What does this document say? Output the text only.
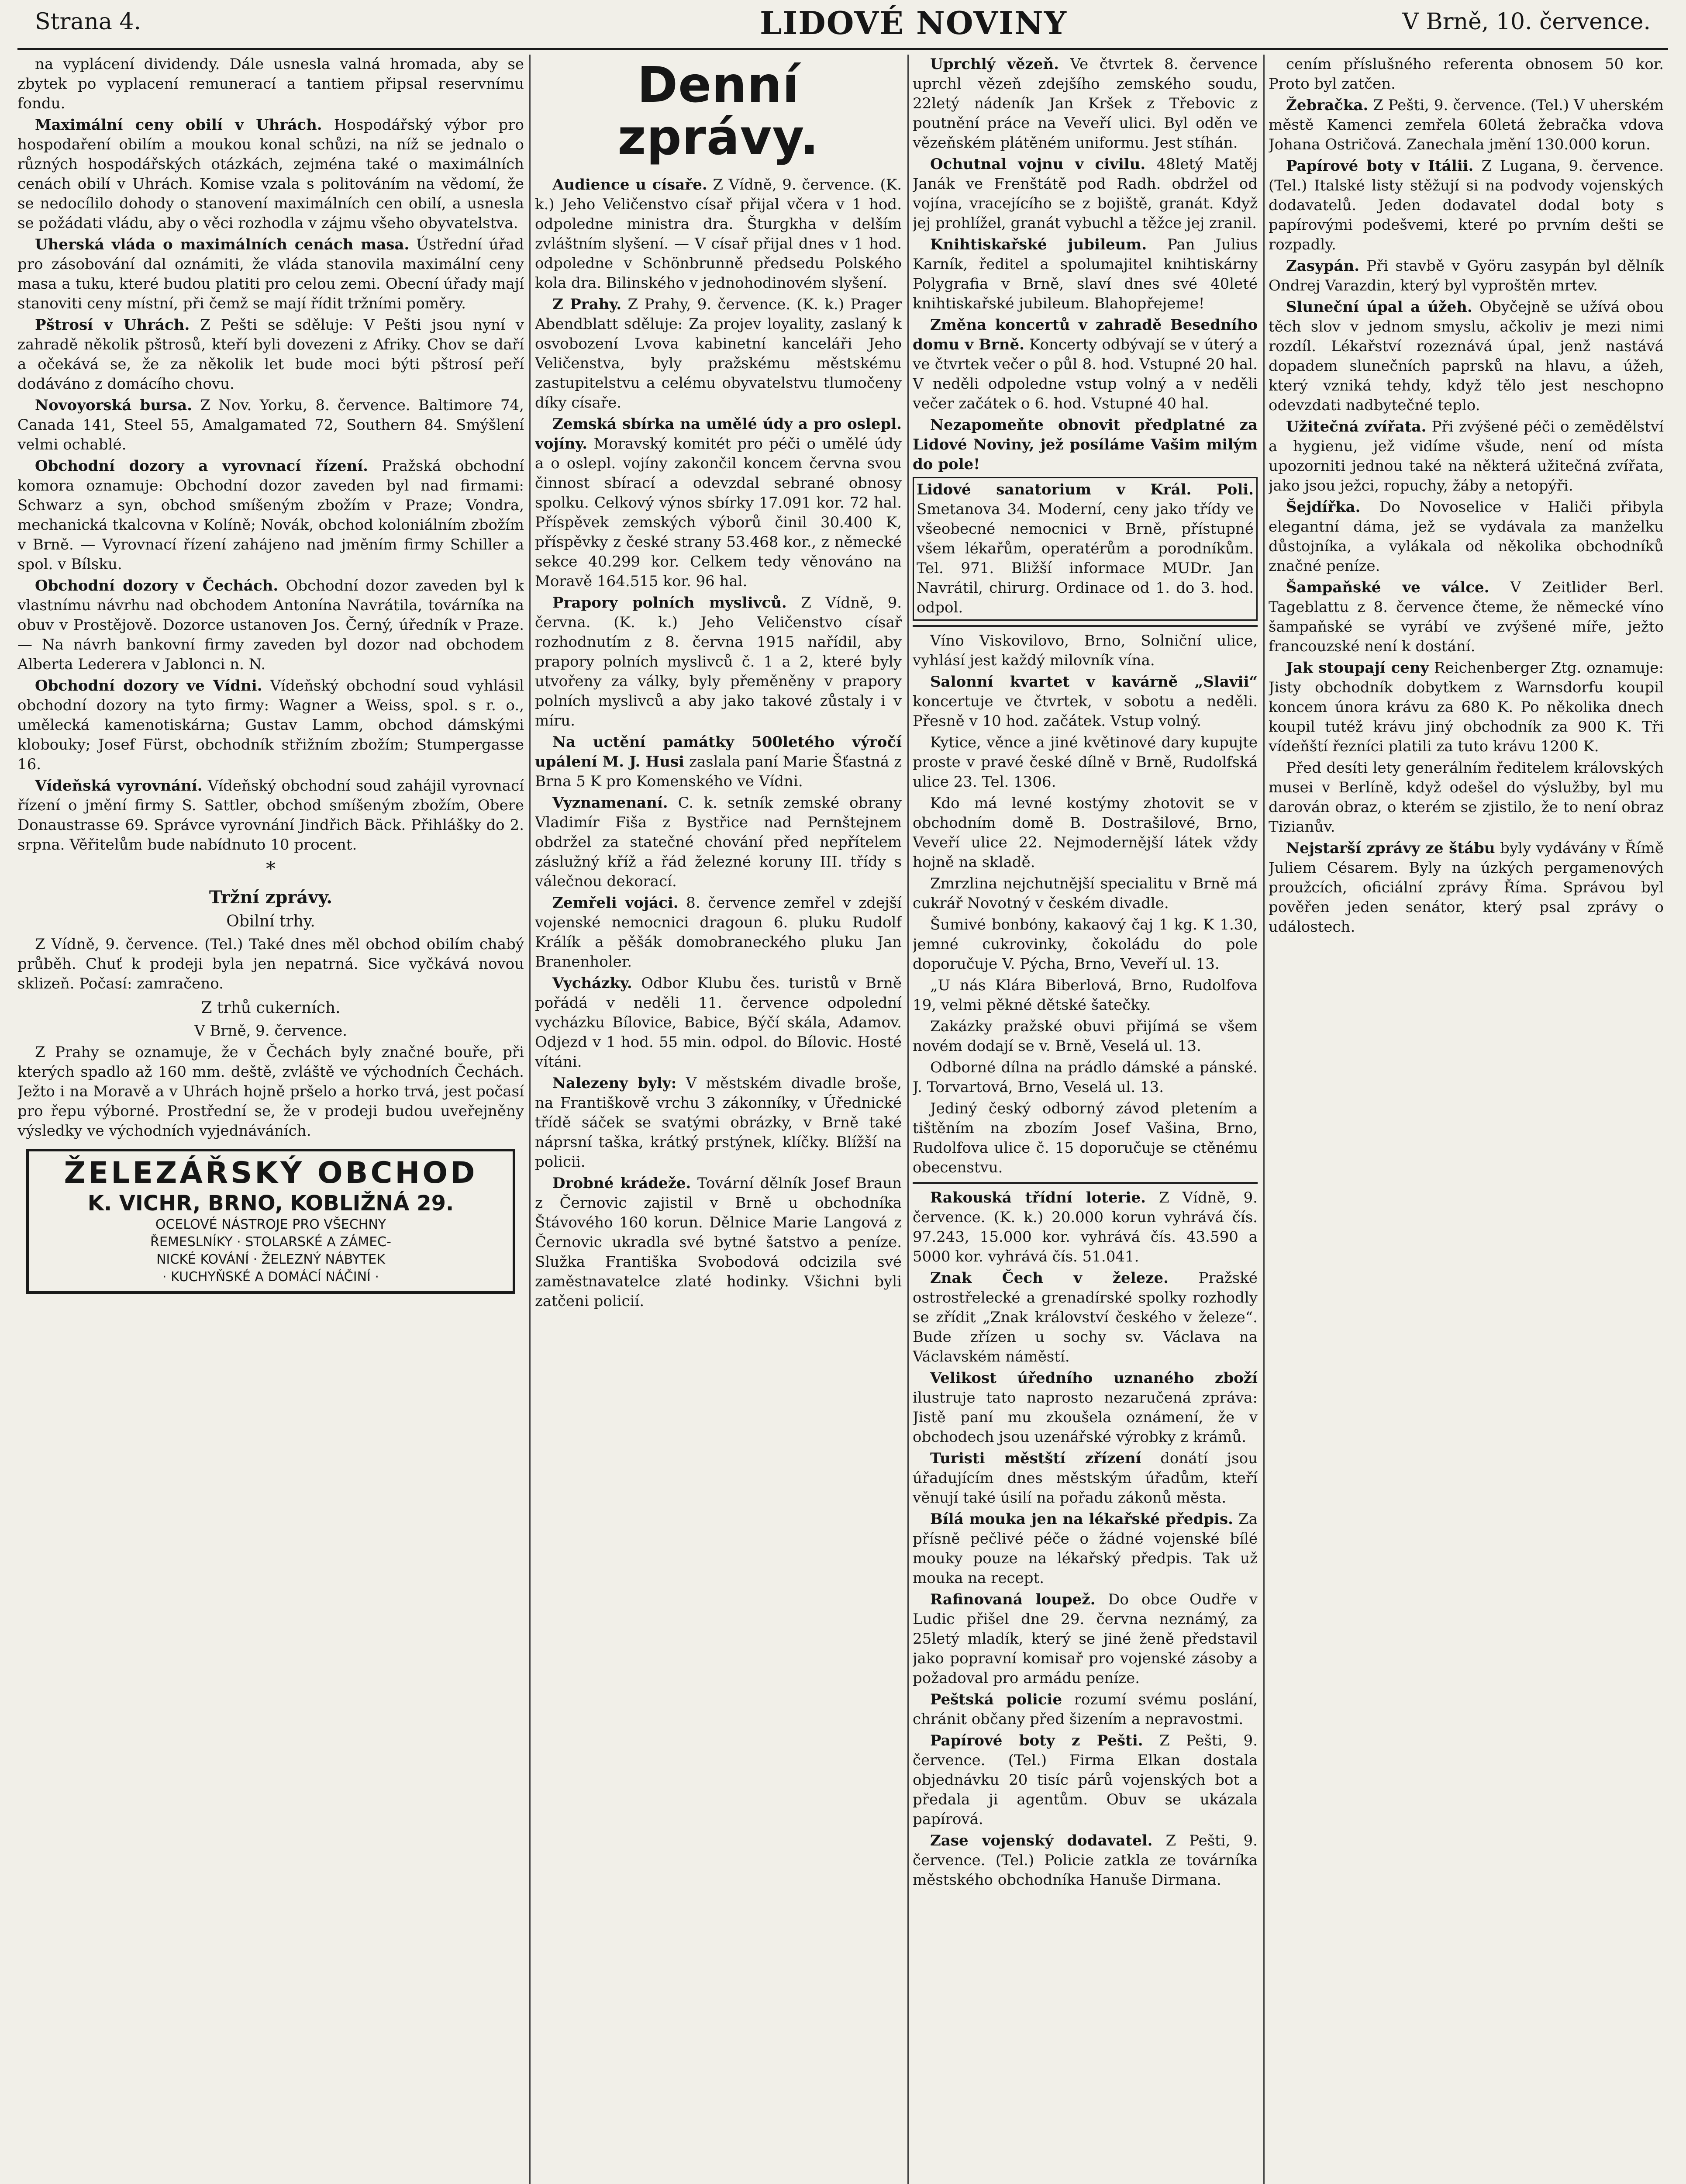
Strana 4.	LIDOVÉ NOVINY	V Brně, 10. července.

na vyplácení dividendy. Dále usnesla valná hromada, aby se zbytek po vyplacení remunerací a tantiem připsal reservnímu fondu.

Maximální ceny obilí v Uhrách. Hospodářský výbor pro hospodaření obilím a moukou konal schůzi, na níž se jednalo o různých hospodářských otázkách, zejména také o maximálních cenách obilí v Uhrách. Komise vzala s politováním na vědomí, že se nedocílilo dohody o stanovení maximálních cen obilí, a usnesla se požádati vládu, aby o věci rozhodla v zájmu všeho obyvatelstva.

Uherská vláda o maximálních cenách masa. Ústřední úřad pro zásobování dal oznámiti, že vláda stanovila maximální ceny masa a tuku, které budou platiti pro celou zemi. Obecní úřady mají stanoviti ceny místní, při čemž se mají řídit tržními poměry.

Pštrosí v Uhrách. Z Pešti se sděluje: V Pešti jsou nyní v zahradě několik pštrosů, kteří byli dovezeni z Afriky. Chov se daří a očekává se, že za několik let bude moci býti pštrosí peří dodáváno z domácího chovu.

Novoyorská bursa. Z Nov. Yorku, 8. července. Baltimore 74, Canada 141, Steel 55, Amalgamated 72, Southern 84. Smýšlení velmi ochablé.

Obchodní dozory a vyrovnací řízení. Pražská obchodní komora oznamuje: Obchodní dozor zaveden byl nad firmami: Schwarz a syn, obchod smíšeným zbožím v Praze; Vondra, mechanická tkalcovna v Kolíně; Novák, obchod koloniálním zbožím v Brně. — Vyrovnací řízení zahájeno nad jměním firmy Schiller a spol. v Bílsku.

Obchodní dozory v Čechách. Obchodní dozor zaveden byl k vlastnímu návrhu nad obchodem Antonína Navrátila, továrníka na obuv v Prostějově. Dozorce ustanoven Jos. Černý, úředník v Praze. — Na návrh bankovní firmy zaveden byl dozor nad obchodem Alberta Lederera v Jablonci n. N.

Obchodní dozory ve Vídni. Vídeňský obchodní soud vyhlásil obchodní dozory na tyto firmy: Wagner a Weiss, spol. s r. o., umělecká kamenotiskárna; Gustav Lamm, obchod dámskými klobouky; Josef Fürst, obchodník střižním zbožím; Stumpergasse 16.

Vídeňská vyrovnání. Vídeňský obchodní soud zahájil vyrovnací řízení o jmění firmy S. Sattler, obchod smíšeným zbožím, Obere Donaustrasse 69. Správce vyrovnání Jindřich Bäck. Přihlášky do 2. srpna. Věřitelům bude nabídnuto 10 procent.

*
Tržní zprávy.
Obilní trhy.

Z Vídně, 9. července. (Tel.) Také dnes měl obchod obilím chabý průběh. Chuť k prodeji byla jen nepatrná. Sice vyčkává novou sklizeň. Počasí: zamračeno.

Z trhů cukerních.

V Brně, 9. července.

Z Prahy se oznamuje, že v Čechách byly značné bouře, při kterých spadlo až 160 mm. deště, zvláště ve východních Čechách. Ježto i na Moravě a v Uhrách hojně pršelo a horko trvá, jest počasí pro řepu výborné. Prostřední se, že v prodeji budou uveřejněny výsledky ve východních vyjednáváních.

ŽELEZÁŘSKÝ OBCHOD
K. VICHR, BRNO, KOBLIŽNÁ 29.
OCELOVÉ NÁSTROJE PRO VŠECHNY
ŘEMESLNÍKY · STOLARSKÉ A ZÁMEC-
NICKÉ KOVÁNÍ · ŽELEZNÝ NÁBYTEK
· KUCHYŇSKÉ A DOMÁCÍ NÁČINÍ ·
Denní zprávy.

Audience u císaře. Z Vídně, 9. července. (K. k.) Jeho Veličenstvo císař přijal včera v 1 hod. odpoledne ministra dra. Šturgkha v delším zvláštním slyšení. — V císař přijal dnes v 1 hod. odpoledne v Schönbrunně předsedu Polského kola dra. Bilinského v jednohodinovém slyšení.

Z Prahy. Z Prahy, 9. července. (K. k.) Prager Abendblatt sděluje: Za projev loyality, zaslaný k osvobození Lvova kabinetní kanceláři Jeho Veličenstva, byly pražskému městskému zastupitelstvu a celému obyvatelstvu tlumočeny díky císaře.

Zemská sbírka na umělé údy a pro oslepl. vojíny. Moravský komitét pro péči o umělé údy a o oslepl. vojíny zakončil koncem června svou činnost sbírací a odevzdal sebrané obnosy spolku. Celkový výnos sbírky 17.091 kor. 72 hal. Příspěvek zemských výborů činil 30.400 K, příspěvky z české strany 53.468 kor., z německé sekce 40.299 kor. Celkem tedy věnováno na Moravě 164.515 kor. 96 hal.

Prapory polních myslivců. Z Vídně, 9. června. (K. k.) Jeho Veličenstvo císař rozhodnutím z 8. června 1915 nařídil, aby prapory polních myslivců č. 1 a 2, které byly utvořeny za války, byly přeměněny v prapory polních myslivců a aby jako takové zůstaly i v míru.

Na uctění památky 500letého výročí upálení M. J. Husi zaslala paní Marie Šťastná z Brna 5 K pro Komenského ve Vídni.

Vyznamenaní. C. k. setník zemské obrany Vladimír Fiša z Bystřice nad Pernštejnem obdržel za statečné chování před nepřítelem záslužný kříž a řád železné koruny III. třídy s válečnou dekorací.

Zemřeli vojáci. 8. července zemřel v zdejší vojenské nemocnici dragoun 6. pluku Rudolf Králík a pěšák domobraneckého pluku Jan Branenholer.

Vycházky. Odbor Klubu čes. turistů v Brně pořádá v neděli 11. července odpolední vycházku Bílovice, Babice, Býčí skála, Adamov. Odjezd v 1 hod. 55 min. odpol. do Bílovic. Hosté vítáni.

Nalezeny byly: V městském divadle broše, na Františkově vrchu 3 zákonníky, v Úřednické třídě sáček se svatými obrázky, v Brně také náprsní taška, krátký prstýnek, klíčky. Blížší na policii.

Drobné krádeže. Tovární dělník Josef Braun z Černovic zajistil v Brně u obchodníka Štávového 160 korun. Dělnice Marie Langová z Černovic ukradla své bytné šatstvo a peníze. Služka Františka Svobodová odcizila své zaměstnavatelce zlaté hodinky. Všichni byli zatčeni policií.

Uprchlý vězeň. Ve čtvrtek 8. července uprchl vězeň zdejšího zemského soudu, 22letý nádeník Jan Kršek z Třebovic z poutnění práce na Veveří ulici. Byl oděn ve vězeňském plátěném uniformu. Jest stíhán.

Ochutnal vojnu v civilu. 48letý Matěj Janák ve Frenštátě pod Radh. obdržel od vojína, vracejícího se z bojiště, granát. Když jej prohlížel, granát vybuchl a těžce jej zranil.

Knihtiskařské jubileum. Pan Julius Karník, ředitel a spolumajitel knihtiskárny Polygrafia v Brně, slaví dnes své 40leté knihtiskařské jubileum. Blahopřejeme!

Změna koncertů v zahradě Besedního domu v Brně. Koncerty odbývají se v úterý a ve čtvrtek večer o půl 8. hod. Vstupné 20 hal. V neděli odpoledne vstup volný a v neděli večer začátek o 6. hod. Vstupné 40 hal.

Nezapomeňte obnovit předplatné za Lidové Noviny, jež posíláme Vašim milým do pole!

Lidové sanatorium v Král. Poli. Smetanova 34. Moderní, ceny jako třídy ve všeobecné nemocnici v Brně, přístupné všem lékařům, operatérům a porodníkům. Tel. 971. Bližší informace MUDr. Jan Navrátil, chirurg. Ordinace od 1. do 3. hod. odpol.

Víno Viskovilovo, Brno, Solniční ulice, vyhlásí jest každý milovník vína.

Salonní kvartet v kavárně „Slavii“ koncertuje ve čtvrtek, v sobotu a neděli. Přesně v 10 hod. začátek. Vstup volný.

Kytice, věnce a jiné květinové dary kupujte proste v pravé české dílně v Brně, Rudolfská ulice 23. Tel. 1306.

Kdo má levné kostýmy zhotovit se v obchodním domě B. Dostrašilové, Brno, Veveří ulice 22. Nejmodernější látek vždy hojně na skladě.

Zmrzlina nejchutnější specialitu v Brně má cukrář Novotný v českém divadle.

Šumivé bonbóny, kakaový čaj 1 kg. K 1.30, jemné cukrovinky, čokoládu do pole doporučuje V. Pýcha, Brno, Veveří ul. 13.

„U nás Klára Biberlová, Brno, Rudolfova 19, velmi pěkné dětské šatečky.

Zakázky pražské obuvi přijímá se všem novém dodají se v. Brně, Veselá ul. 13.

Odborné dílna na prádlo dámské a pánské. J. Torvartová, Brno, Veselá ul. 13.

Jediný český odborný závod pletením a tištěním na zbozím Josef Vašina, Brno, Rudolfova ulice č. 15 doporučuje se ctěnému obecenstvu.

Rakouská třídní loterie. Z Vídně, 9. července. (K. k.) 20.000 korun vyhrává čís. 97.243, 15.000 kor. vyhrává čís. 43.590 a 5000 kor. vyhrává čís. 51.041.

Znak Čech v železe. Pražské ostrostřelecké a grenadírské spolky rozhodly se zřídit „Znak království českého v železe“. Bude zřízen u sochy sv. Václava na Václavském náměstí.

Velikost úředního uznaného zboží ilustruje tato naprosto nezaručená zpráva: Jistě paní mu zkoušela oznámení, že v obchodech jsou uzenářské výrobky z krámů.

Turisti městští zřízení donátí jsou úřadujícím dnes městským úřadům, kteří věnují také úsilí na pořadu zákonů města.

Bílá mouka jen na lékařské předpis. Za přísně pečlivé péče o žádné vojenské bílé mouky pouze na lékařský předpis. Tak už mouka na recept.

Rafinovaná loupež. Do obce Oudře v Ludic přišel dne 29. června neznámý, za 25letý mladík, který se jiné ženě představil jako popravní komisař pro vojenské zásoby a požadoval pro armádu peníze.

Peštská policie rozumí svému poslání, chránit občany před šizením a nepravostmi.

Papírové boty z Pešti. Z Pešti, 9. července. (Tel.) Firma Elkan dostala objednávku 20 tisíc párů vojenských bot a předala ji agentům. Obuv se ukázala papírová.

Zase vojenský dodavatel. Z Pešti, 9. července. (Tel.) Policie zatkla ze továrníka městského obchodníka Hanuše Dirmana.

cením příslušného referenta obnosem 50 kor. Proto byl zatčen.

Žebračka. Z Pešti, 9. července. (Tel.) V uherském městě Kamenci zemřela 60letá žebračka vdova Johana Ostričová. Zanechala jmění 130.000 korun.

Papírové boty v Itálii. Z Lugana, 9. července. (Tel.) Italské listy stěžují si na podvody vojenských dodavatelů. Jeden dodavatel dodal boty s papírovými podešvemi, které po prvním dešti se rozpadly.

Zasypán. Při stavbě v Györu zasypán byl dělník Ondrej Varazdin, který byl vyproštěn mrtev.

Sluneční úpal a úžeh. Obyčejně se užívá obou těch slov v jednom smyslu, ačkoliv je mezi nimi rozdíl. Lékařství rozeznává úpal, jenž nastává dopadem slunečních paprsků na hlavu, a úžeh, který vzniká tehdy, když tělo jest neschopno odevzdati nadbytečné teplo.

Užitečná zvířata. Při zvýšené péči o zemědělství a hygienu, jež vidíme všude, není od místa upozorniti jednou také na některá užitečná zvířata, jako jsou ježci, ropuchy, žáby a netopýři.

Šejdířka. Do Novoselice v Haliči přibyla elegantní dáma, jež se vydávala za manželku důstojníka, a vylákala od několika obchodníků značné peníze.

Šampaňské ve válce. V Zeitlider Berl. Tageblattu z 8. července čteme, že německé víno šampaňské se vyrábí ve zvýšené míře, ježto francouzské není k dostání.

Jak stoupají ceny Reichenberger Ztg. oznamuje: Jisty obchodník dobytkem z Warnsdorfu koupil koncem února krávu za 680 K. Po několika dnech koupil tutéž krávu jiný obchodník za 900 K. Tři vídeňští řezníci platili za tuto krávu 1200 K.

Před desíti lety generálním ředitelem královských musei v Berlíně, když odešel do výslužby, byl mu darován obraz, o kterém se zjistilo, že to není obraz Tizianův.

Nejstarší zprávy ze štábu byly vydávány v Římě Juliem Césarem. Byly na úzkých pergamenových proužcích, oficiální zprávy Říma. Správou byl pověřen jeden senátor, který psal zprávy o událostech.
